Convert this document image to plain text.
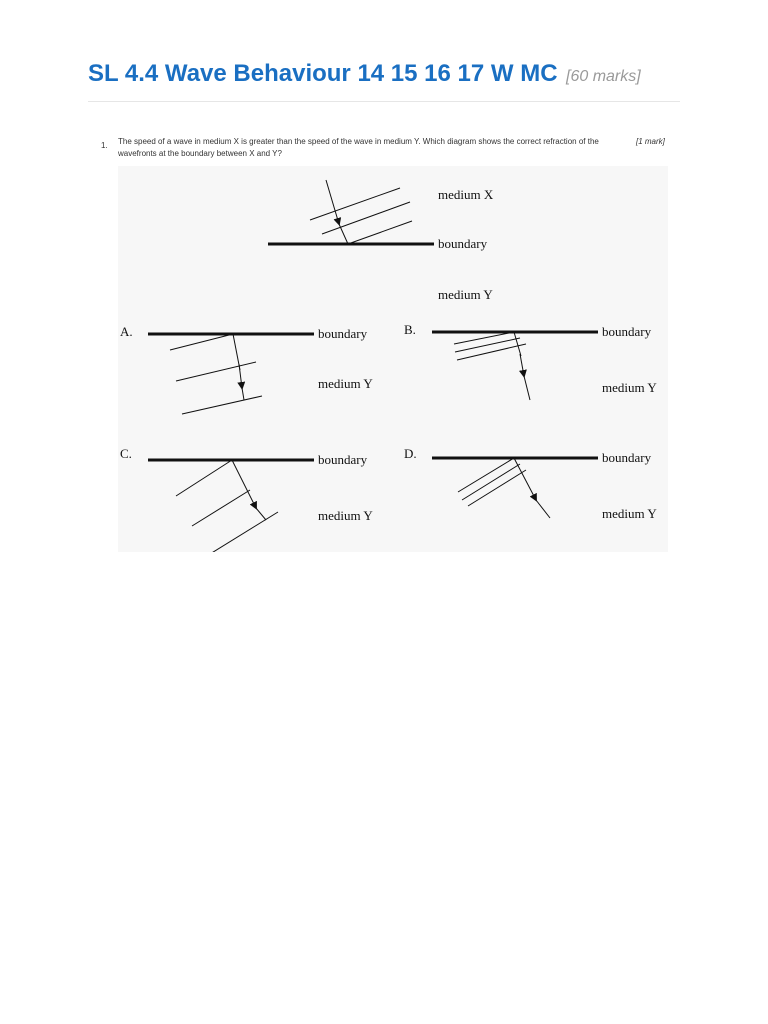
SL 4.4 Wave Behaviour 14 15 16 17 W MC [60 marks]
1. The speed of a wave in medium X is greater than the speed of the wave in medium Y. Which diagram shows the correct refraction of the wavefronts at the boundary between X and Y?
[1 mark]
medium X
boundary
medium Y
A.	boundary
medium Y
B.	boundary
medium Y
C.	boundary
medium Y
D.	boundary
medium Y
